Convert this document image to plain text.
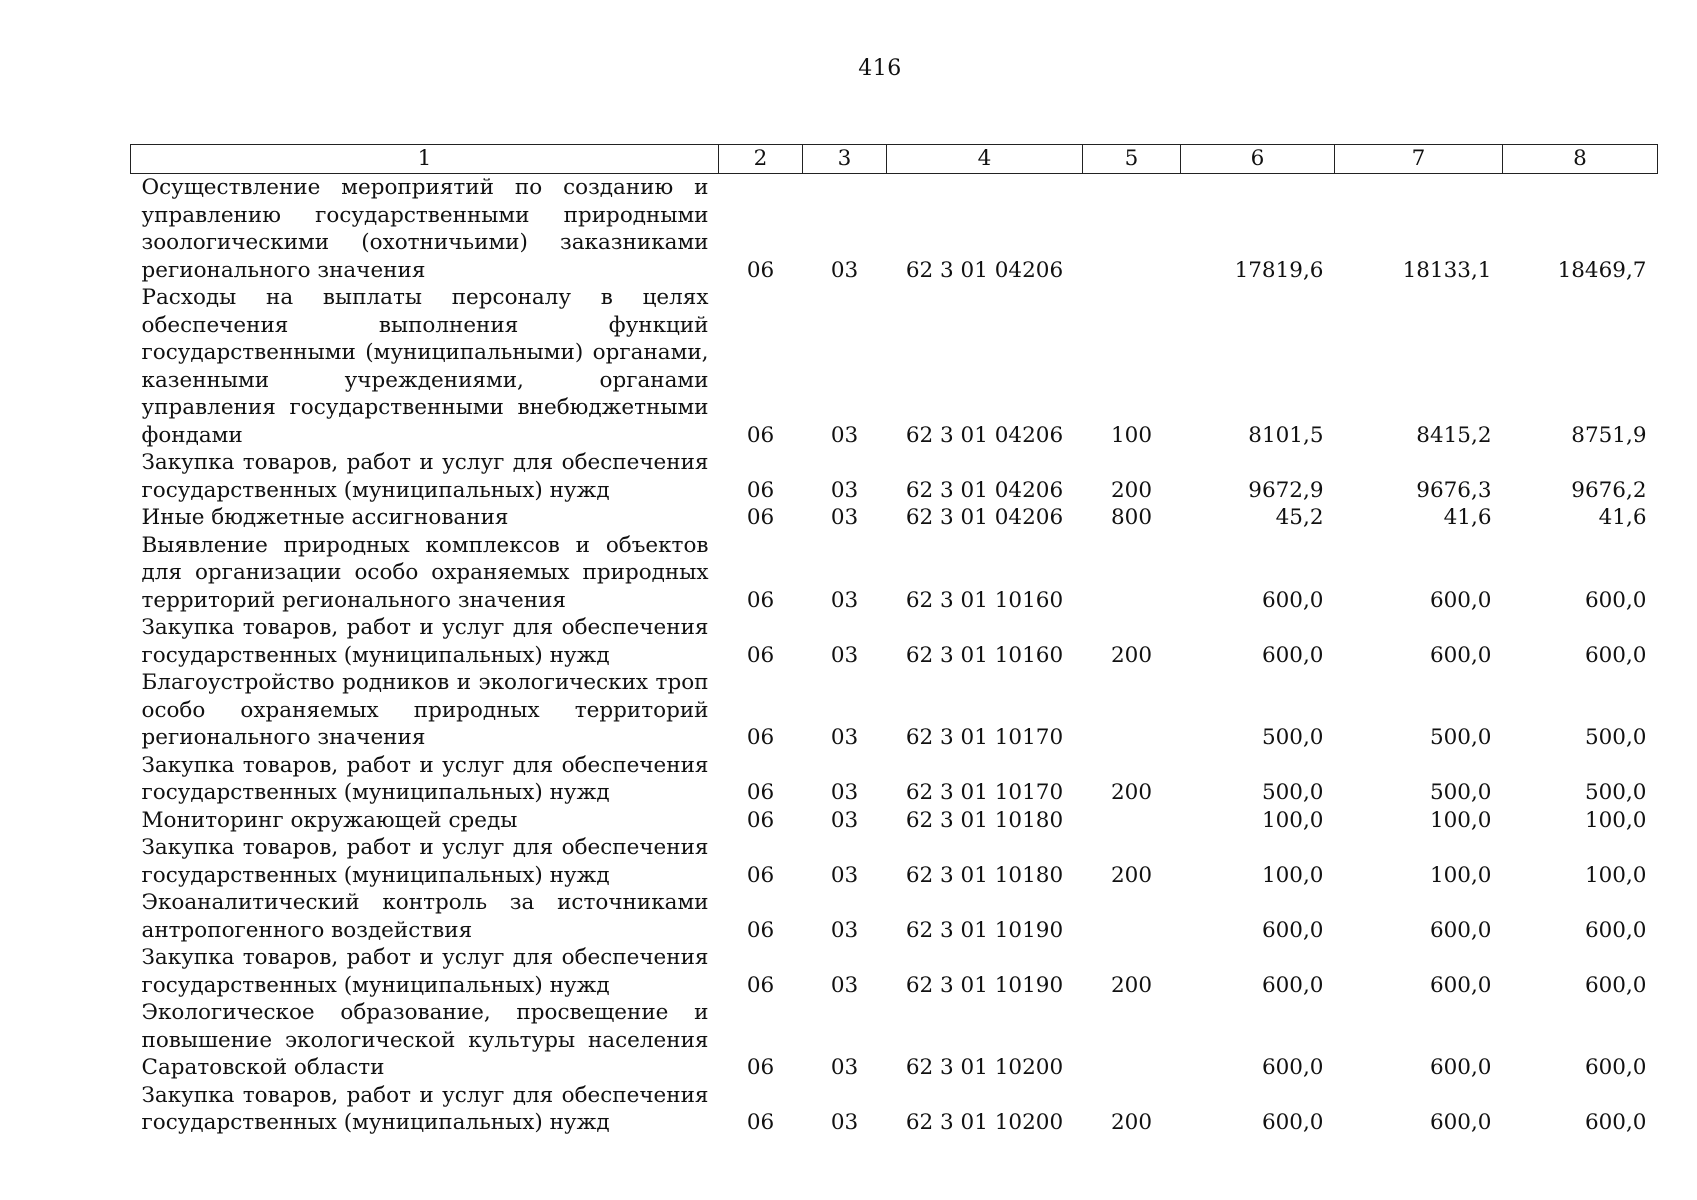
416
1	2	3	4	5	6	7	8
Осуществление мероприятий по созданию и управлению государственными природными зоологическими (охотничьими) заказниками регионального значения	06	03	62 3 01 04206		17819,6	18133,1	18469,7
Расходы на выплаты персоналу в целях обеспечения выполнения функций государственными (муниципальными) органами, казенными учреждениями, органами управления государственными внебюджетными фондами	06	03	62 3 01 04206	100	8101,5	8415,2	8751,9
Закупка товаров, работ и услуг для обеспечения государственных (муниципальных) нужд	06	03	62 3 01 04206	200	9672,9	9676,3	9676,2
Иные бюджетные ассигнования	06	03	62 3 01 04206	800	45,2	41,6	41,6
Выявление природных комплексов и объектов для организации особо охраняемых природных территорий регионального значения	06	03	62 3 01 10160		600,0	600,0	600,0
Закупка товаров, работ и услуг для обеспечения государственных (муниципальных) нужд	06	03	62 3 01 10160	200	600,0	600,0	600,0
Благоустройство родников и экологических троп особо охраняемых природных территорий регионального значения	06	03	62 3 01 10170		500,0	500,0	500,0
Закупка товаров, работ и услуг для обеспечения государственных (муниципальных) нужд	06	03	62 3 01 10170	200	500,0	500,0	500,0
Мониторинг окружающей среды	06	03	62 3 01 10180		100,0	100,0	100,0
Закупка товаров, работ и услуг для обеспечения государственных (муниципальных) нужд	06	03	62 3 01 10180	200	100,0	100,0	100,0
Экоаналитический контроль за источниками антропогенного воздействия	06	03	62 3 01 10190		600,0	600,0	600,0
Закупка товаров, работ и услуг для обеспечения государственных (муниципальных) нужд	06	03	62 3 01 10190	200	600,0	600,0	600,0
Экологическое образование, просвещение и повышение экологической культуры населения Саратовской области	06	03	62 3 01 10200		600,0	600,0	600,0
Закупка товаров, работ и услуг для обеспечения государственных (муниципальных) нужд	06	03	62 3 01 10200	200	600,0	600,0	600,0
